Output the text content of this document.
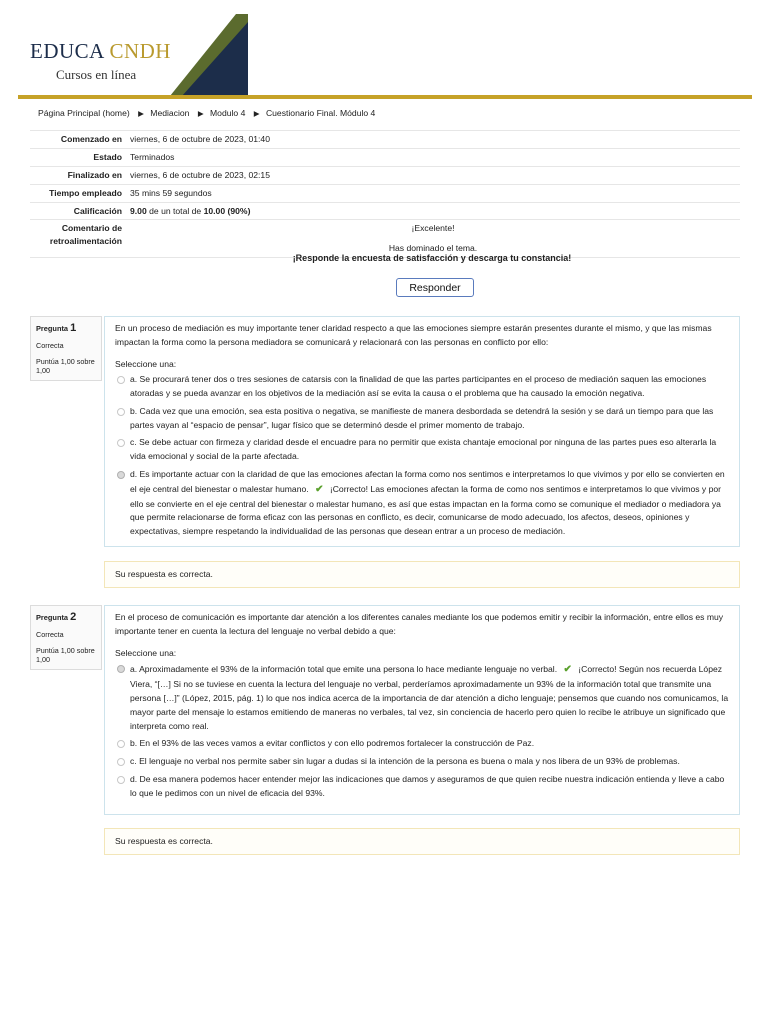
EDUCA CNDH
Cursos en línea
Página Principal (home) ▶ Mediacion ▶ Modulo 4 ▶ Cuestionario Final. Módulo 4
Comenzado en	viernes, 6 de octubre de 2023, 01:40
Estado	Terminados
Finalizado en	viernes, 6 de octubre de 2023, 02:15
Tiempo empleado	35 mins 59 segundos
Calificación	9.00 de un total de 10.00 (90%)
Comentario de retroalimentación	¡Excelente!
Has dominado el tema.
¡Responde la encuesta de satisfacción y descarga tu constancia!
Responder
Pregunta 1
Correcta
Puntúa 1,00 sobre 1,00
En un proceso de mediación es muy importante tener claridad respecto a que las emociones siempre estarán presentes durante el mismo, y que las mismas impactan la forma como la persona mediadora se comunicará y relacionará con las personas en conflicto por ello:
Seleccione una:
a. Se procurará tener dos o tres sesiones de catarsis con la finalidad de que las partes participantes en el proceso de mediación saquen las emociones atoradas y se pueda avanzar en los objetivos de la mediación así se evita la causa o el problema que ha causado la emoción negativa.
b. Cada vez que una emoción, sea esta positiva o negativa, se manifieste de manera desbordada se detendrá la sesión y se dará un tiempo para que las partes vayan al “espacio de pensar”, lugar físico que se determinó desde el primer momento de trabajo.
c. Se debe actuar con firmeza y claridad desde el encuadre para no permitir que exista chantaje emocional por ninguna de las partes pues eso alterarla la vida emocional y social de la parte afectada.
d. Es importante actuar con la claridad de que las emociones afectan la forma como nos sentimos e interpretamos lo que vivimos y por ello se convierten en el eje central del bienestar o malestar humano. ✔ ¡Correcto! Las emociones afectan la forma de como nos sentimos e interpretamos lo que vivimos y por ello se convierte en el eje central del bienestar o malestar humano, es así que estas impactan en la forma como se comunique el mediador o mediadora ya que permite relacionarse de forma eficaz con las personas en conflicto, es decir, comunicarse de modo adecuado, los afectos, deseos, opiniones y expectativas, siempre respetando la individualidad de las personas que desean entrar a un proceso de mediación.
Su respuesta es correcta.
Pregunta 2
Correcta
Puntúa 1,00 sobre 1,00
En el proceso de comunicación es importante dar atención a los diferentes canales mediante los que podemos emitir y recibir la información, entre ellos es muy importante tener en cuenta la lectura del lenguaje no verbal debido a que:
Seleccione una:
a. Aproximadamente el 93% de la información total que emite una persona lo hace mediante lenguaje no verbal. ✔ ¡Correcto! Según nos recuerda López Viera, “[…] Si no se tuviese en cuenta la lectura del lenguaje no verbal, perderíamos aproximadamente un 93% de la información total que transmite una persona […]” (López, 2015, pág. 1) lo que nos indica acerca de la importancia de dar atención a dicho lenguaje; pensemos que cuando nos comunicamos, la mayor parte del mensaje lo estamos emitiendo de maneras no verbales, tal vez, sin conciencia de hacerlo pero quien lo recibe le atribuye un significado que interpreta como real.
b. En el 93% de las veces vamos a evitar conflictos y con ello podremos fortalecer la construcción de Paz.
c. El lenguaje no verbal nos permite saber sin lugar a dudas si la intención de la persona es buena o mala y nos libera de un 93% de problemas.
d. De esa manera podemos hacer entender mejor las indicaciones que damos y aseguramos de que quien recibe nuestra indicación entienda y lleve a cabo lo que le pedimos con un nivel de eficacia del 93%.
Su respuesta es correcta.
